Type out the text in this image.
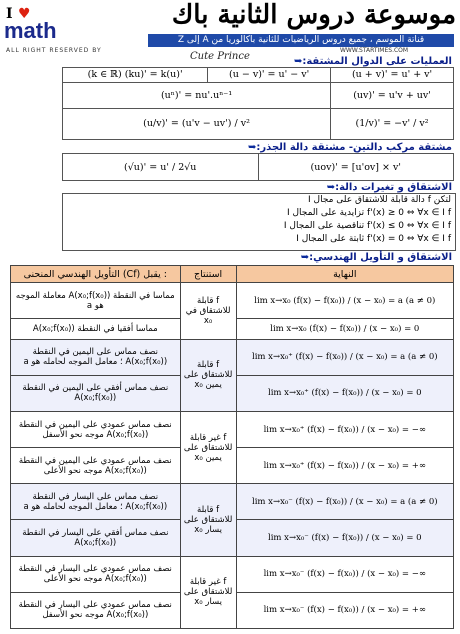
I ♥
math
موسوعة دروس الثانية باك
قناتة الموسم ، جميع دروس الرياضيات للثانية باكالوريا من A إلى Z
ALL RIGHT RESERVED BY
Cute Prince
WWW.STARTIMES.COM
العمليات على الدوال المشتقة:➥
(k ∈ ℝ) (ku)' = k(u)'	(u − v)' = u' − v'	(u + v)' = u' + v'
(uⁿ)' = nu'.uⁿ⁻¹		(uv)' = u'v + uv'
(u/v)' = (u'v − uv') / v²		(1/v)' = −v' / v²
مشتقة مركب دالتين- مشتقة دالة الجذر:➥
(√u)' = u' / 2√u	(uοv)' = [u'οv] × v'
الاشتقاق و تغيرات دالة:➥
لتكن f دالة قابلة للاشتقاق على مجال I
f'(x) ≥ 0 ⇔ ∀x ∈ I f تزايدية على المجال I
f'(x) ≤ 0 ⇔ ∀x ∈ I f تناقصية على المجال I
f'(x) = 0 ⇔ ∀x ∈ I f ثابتة على المجال I
الاشتقاق و التأويل الهندسي:➥
التأويل الهندسي المنحنى (Cf) يقبل :	استنتاج	النهاية
مماسا في النقطة A(x₀;f(x₀)) معاملة الموجه هو a	f قابلة للاشتقاق في x₀	lim x→x₀ (f(x) − f(x₀)) / (x − x₀) = a (a ≠ 0)
مماسا أفقيا في النقطة A(x₀;f(x₀))		lim x→x₀ (f(x) − f(x₀)) / (x − x₀) = 0
نصف مماس على اليمين في النقطة A(x₀;f(x₀)) ؛ معامل الموجه لحامله هو a	f قابلة للاشتقاق على يمين x₀	lim x→x₀⁺ (f(x) − f(x₀)) / (x − x₀) = a (a ≠ 0)
نصف مماس أفقي على اليمين في النقطة A(x₀;f(x₀))		lim x→x₀⁺ (f(x) − f(x₀)) / (x − x₀) = 0
نصف مماس عمودي على اليمين في النقطة A(x₀;f(x₀)) موجه نحو الأسفل	f غير قابلة للاشتقاق على يمين x₀	lim x→x₀⁺ (f(x) − f(x₀)) / (x − x₀) = −∞
نصف مماس عمودي على اليمين في النقطة A(x₀;f(x₀)) موجه نحو الأعلى		lim x→x₀⁺ (f(x) − f(x₀)) / (x − x₀) = +∞
نصف مماس على اليسار في النقطة A(x₀;f(x₀)) ؛ معامل الموجه لحامله هو a	f قابلة للاشتقاق على يسار x₀	lim x→x₀⁻ (f(x) − f(x₀)) / (x − x₀) = a (a ≠ 0)
نصف مماس أفقي على اليسار في النقطة A(x₀;f(x₀))		lim x→x₀⁻ (f(x) − f(x₀)) / (x − x₀) = 0
نصف مماس عمودي على اليسار في النقطة A(x₀;f(x₀)) موجه نحو الأعلى	f غير قابلة للاشتقاق على يسار x₀	lim x→x₀⁻ (f(x) − f(x₀)) / (x − x₀) = −∞
نصف مماس عمودي على اليسار في النقطة A(x₀;f(x₀)) موجه نحو الأسفل		lim x→x₀⁻ (f(x) − f(x₀)) / (x − x₀) = +∞
